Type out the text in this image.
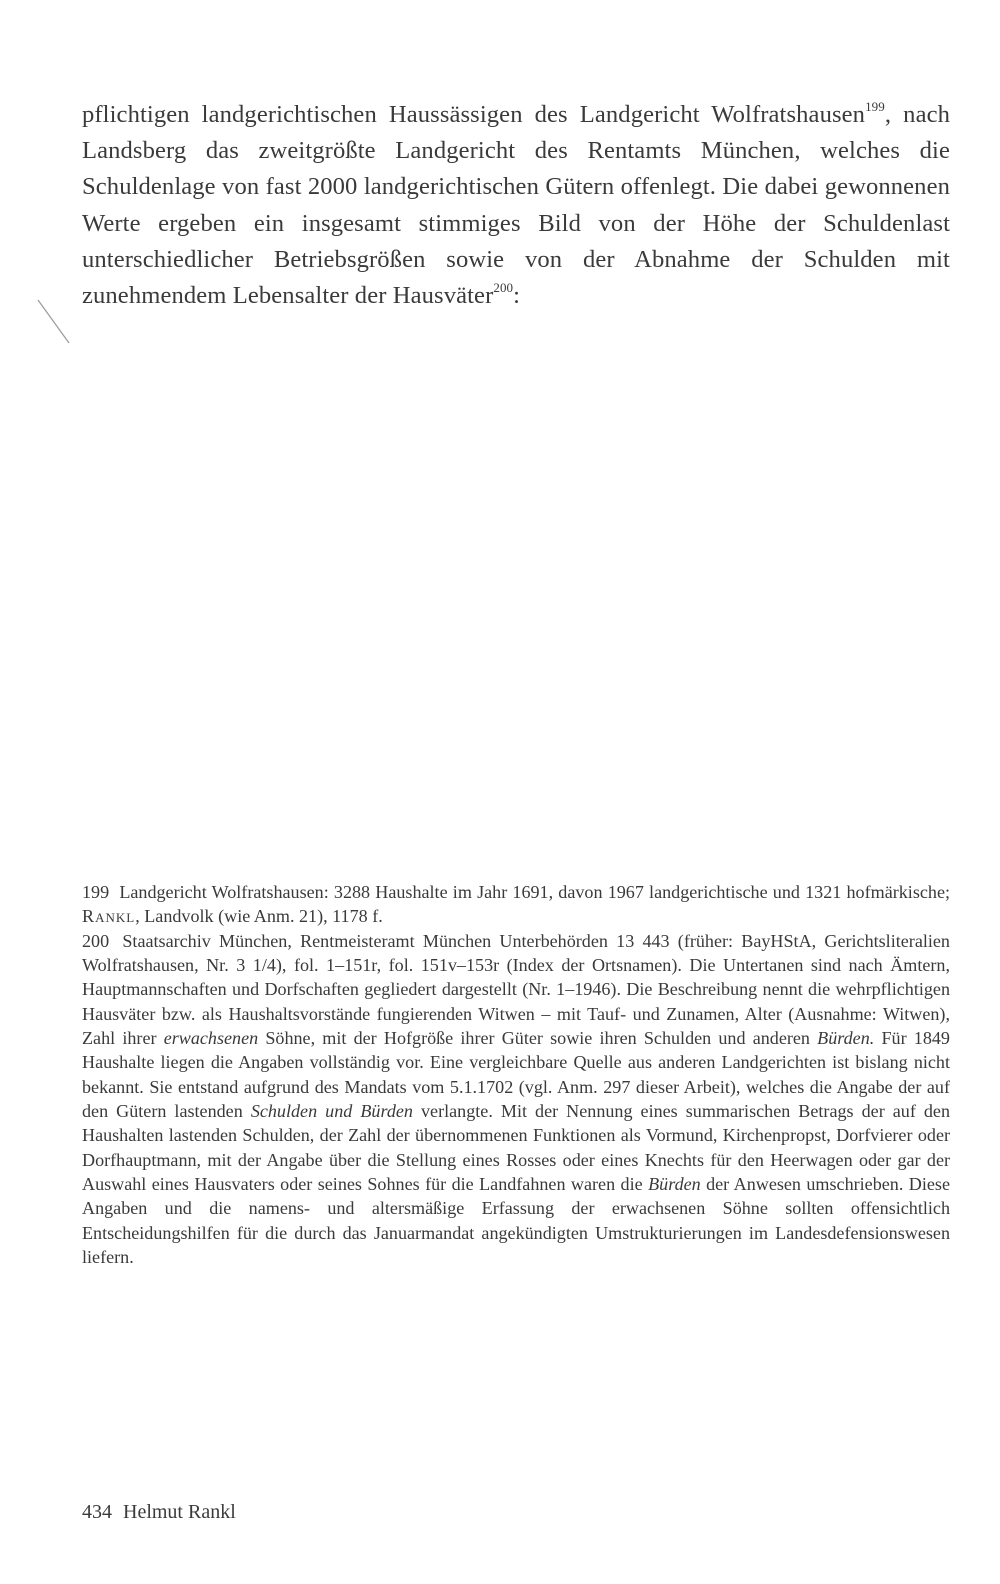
pflichtigen landgerichtischen Haussässigen des Landgericht Wolfratshausen$^{199}$, nach Landsberg das zweitgrößte Landgericht des Rentamts München, welches die Schuldenlage von fast 2000 landgerichtischen Gütern offenlegt. Die dabei gewonnenen Werte ergeben ein insgesamt stimmiges Bild von der Höhe der Schuldenlast unterschiedlicher Betriebsgrößen sowie von der Abnahme der Schulden mit zunehmendem Lebensalter der Hausväter$^{200}$:

199 Landgericht Wolfratshausen: 3288 Haushalte im Jahr 1691, davon 1967 landgerichtische und 1321 hofmärkische; Rankl, Landvolk (wie Anm. 21), 1178 f.

200 Staatsarchiv München, Rentmeisteramt München Unterbehörden 13 443 (früher: BayHStA, Gerichtsliteralien Wolfratshausen, Nr. 3 1/4), fol. 1–151r, fol. 151v–153r (Index der Ortsnamen). Die Untertanen sind nach Ämtern, Hauptmannschaften und Dorfschaften gegliedert dargestellt (Nr. 1–1946). Die Beschreibung nennt die wehrpflichtigen Hausväter bzw. als Haushaltsvorstände fungierenden Witwen – mit Tauf- und Zunamen, Alter (Ausnahme: Witwen), Zahl ihrer erwachsenen Söhne, mit der Hofgröße ihrer Güter sowie ihren Schulden und anderen Bürden. Für 1849 Haushalte liegen die Angaben vollständig vor. Eine vergleichbare Quelle aus anderen Landgerichten ist bislang nicht bekannt. Sie entstand aufgrund des Mandats vom 5.1.1702 (vgl. Anm. 297 dieser Arbeit), welches die Angabe der auf den Gütern lastenden Schulden und Bürden verlangte. Mit der Nennung eines summarischen Betrags der auf den Haushalten lastenden Schulden, der Zahl der übernommenen Funktionen als Vormund, Kirchenpropst, Dorfvierer oder Dorfhauptmann, mit der Angabe über die Stellung eines Rosses oder eines Knechts für den Heerwagen oder gar der Auswahl eines Hausvaters oder seines Sohnes für die Landfahnen waren die Bürden der Anwesen umschrieben. Diese Angaben und die namens- und altersmäßige Erfassung der erwachsenen Söhne sollten offensichtlich Entscheidungshilfen für die durch das Januarmandat angekündigten Umstrukturierungen im Landesdefensionswesen liefern.

434 Helmut Rankl
